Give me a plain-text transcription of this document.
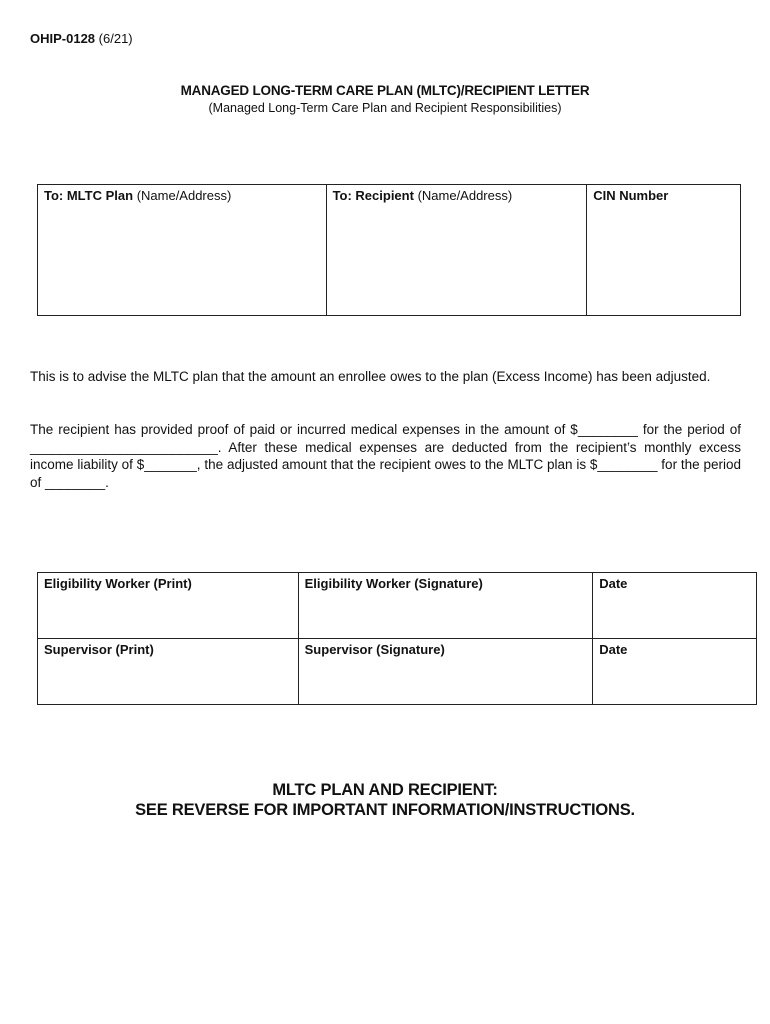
OHIP-0128 (6/21)
MANAGED LONG-TERM CARE PLAN (MLTC)/RECIPIENT LETTER
(Managed Long-Term Care Plan and Recipient Responsibilities)
To: MLTC Plan (Name/Address)	To: Recipient (Name/Address)	CIN Number
This is to advise the MLTC plan that the amount an enrollee owes to the plan (Excess Income) has been adjusted.
The recipient has provided proof of paid or incurred medical expenses in the amount of $________ for the period of _________________________. After these medical expenses are deducted from the recipient’s monthly excess income liability of $_______, the adjusted amount that the recipient owes to the MLTC plan is $________ for the period of ________.
Eligibility Worker (Print)	Eligibility Worker (Signature)	Date
Supervisor (Print)	Supervisor (Signature)	Date
MLTC PLAN AND RECIPIENT:
SEE REVERSE FOR IMPORTANT INFORMATION/INSTRUCTIONS.
